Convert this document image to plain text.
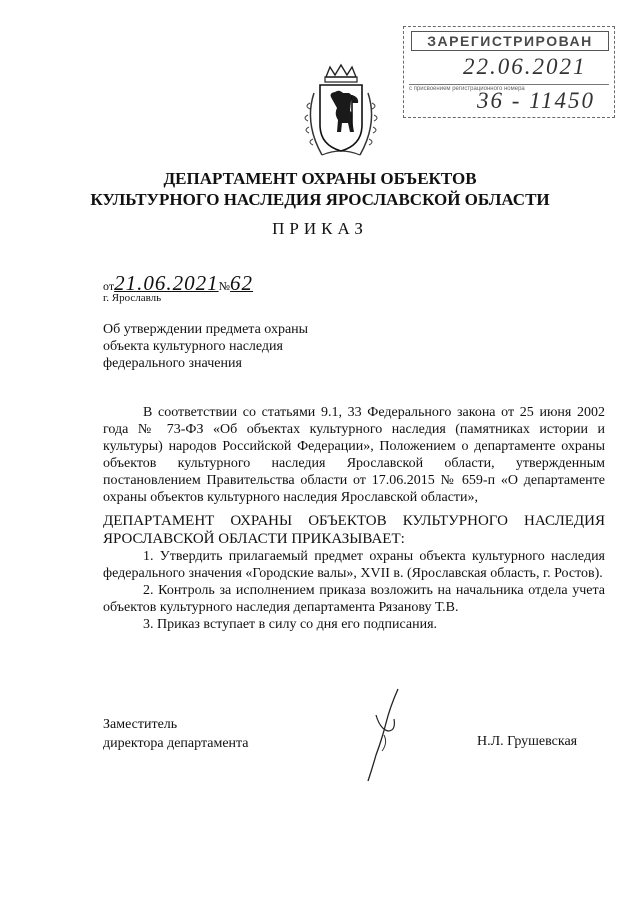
ЗАРЕГИСТРИРОВАН
22.06.2021
с присвоением регистрационного номера
36 - 11450
ДЕПАРТАМЕНТ ОХРАНЫ ОБЪЕКТОВ
КУЛЬТУРНОГО НАСЛЕДИЯ ЯРОСЛАВСКОЙ ОБЛАСТИ
ПРИКАЗ
от21.06.2021№62
г. Ярославль
Об утверждении предмета охраны
объекта культурного наследия
федерального значения

В соответствии со статьями 9.1, 33 Федерального закона от 25 июня 2002 года № 73-ФЗ «Об объектах культурного наследия (памятниках истории и культуры) народов Российской Федерации», Положением о департаменте охраны объектов культурного наследия Ярославской области, утвержденным постановлением Правительства области от 17.06.2015 № 659-п «О департаменте охраны объектов культурного наследия Ярославской области»,

ДЕПАРТАМЕНТ ОХРАНЫ ОБЪЕКТОВ КУЛЬТУРНОГО НАСЛЕДИЯ ЯРОСЛАВСКОЙ ОБЛАСТИ ПРИКАЗЫВАЕТ:

1. Утвердить прилагаемый предмет охраны объекта культурного наследия федерального значения «Городские валы», XVII в. (Ярославская область, г. Ростов).

2. Контроль за исполнением приказа возложить на начальника отдела учета объектов культурного наследия департамента Рязанову Т.В.

3. Приказ вступает в силу со дня его подписания.

Заместитель
директора департамента	Н.Л. Грушевская
